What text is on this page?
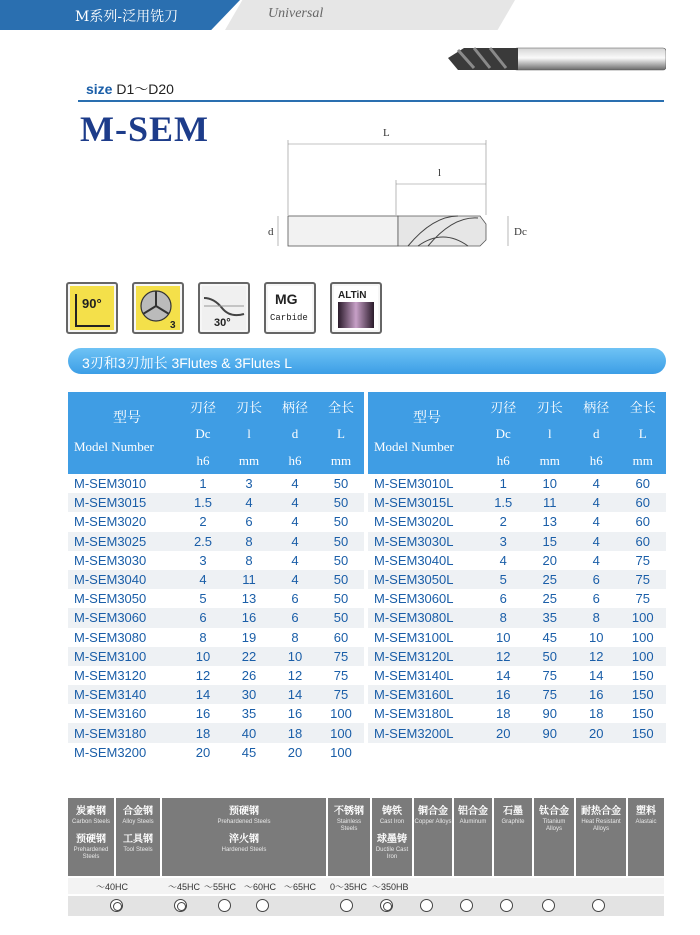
M系列-泛用铣刀	Universal
size D1～D20
M-SEM	L
l
d	Dc
90°
3	30°
MG
Carbide
ALTiN
3刃和3刃加长 3Flutes & 3Flutes L
型号
Model Number	刃径	刃长	柄径	全长
	Dc	l	d	L
	h6	mm	h6	mm
M-SEM3010	1	3	4	50
M-SEM3015	1.5	4	4	50
M-SEM3020	2	6	4	50
M-SEM3025	2.5	8	4	50
M-SEM3030	3	8	4	50
M-SEM3040	4	11	4	50
M-SEM3050	5	13	6	50
M-SEM3060	6	16	6	50
M-SEM3080	8	19	8	60
M-SEM3100	10	22	10	75
M-SEM3120	12	26	12	75
M-SEM3140	14	30	14	75
M-SEM3160	16	35	16	100
M-SEM3180	18	40	18	100
M-SEM3200	20	45	20	100
型号
Model Number	刃径	刃长	柄径	全长
	Dc	l	d	L
	h6	mm	h6	mm
M-SEM3010L	1	10	4	60
M-SEM3015L	1.5	11	4	60
M-SEM3020L	2	13	4	60
M-SEM3030L	3	15	4	60
M-SEM3040L	4	20	4	75
M-SEM3050L	5	25	6	75
M-SEM3060L	6	25	6	75
M-SEM3080L	8	35	8	100
M-SEM3100L	10	45	10	100
M-SEM3120L	12	50	12	100
M-SEM3140L	14	75	14	150
M-SEM3160L	16	75	16	150
M-SEM3180L	18	90	18	150
M-SEM3200L	20	90	20	150
炭素钢
Carbon Steels
预硬钢
Prehardened Steels
合金钢
Alloy Steels
工具钢
Tool Steels
预硬钢
Prehardened Steels
淬火钢
Hardened Steels
不锈钢
Stainless Steels
铸铁
Cast Iron
球墨铸
Ductile Cast Iron
铜合金
Copper Alloys
铝合金
Aluminum
石墨
Graphite
钛合金
Titanium Alloys
耐热合金
Heat Resistant Alloys
塑料
Alastaic
～40HC	～45HC ～55HC ～60HC ～65HC 0～35HC ～350HB
